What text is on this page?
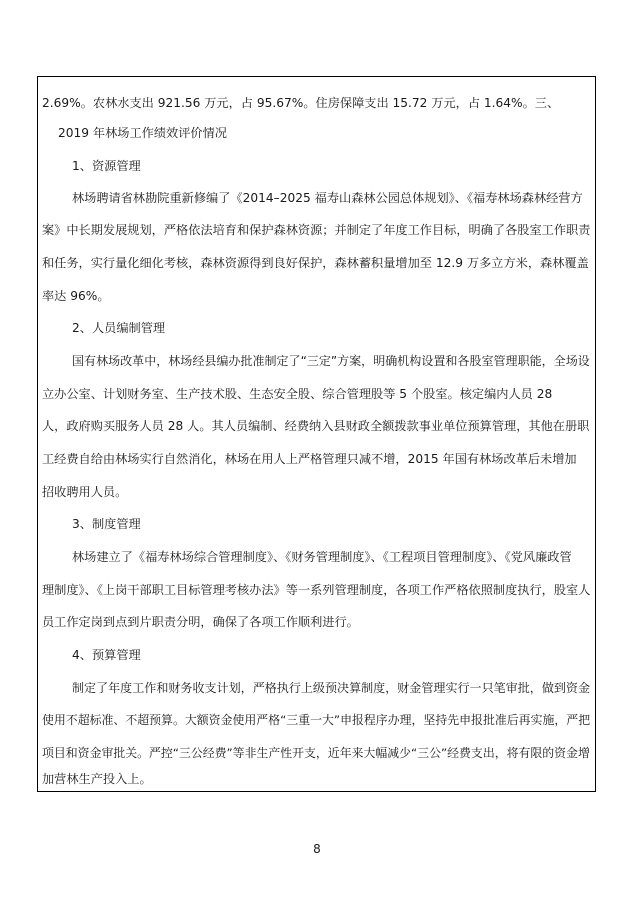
2.69%。农林水支出 921.56 万元，占 95.67%。住房保障支出 15.72 万元，占 1.64%。三、

2019 年林场工作绩效评价情况

1、资源管理

林场聘请省林勘院重新修编了《2014–2025 福寿山森林公园总体规划》、《福寿林场森林经营方

案》中长期发展规划，严格依法培育和保护森林资源；并制定了年度工作目标，明确了各股室工作职责

和任务，实行量化细化考核，森林资源得到良好保护，森林蓄积量增加至 12.9 万多立方米，森林覆盖

率达 96%。

2、人员编制管理

国有林场改革中，林场经县编办批准制定了“三定”方案，明确机构设置和各股室管理职能，全场设

立办公室、计划财务室、生产技术股、生态安全股、综合管理股等 5 个股室。核定编内人员 28

人，政府购买服务人员 28 人。其人员编制、经费纳入县财政全额拨款事业单位预算管理，其他在册职

工经费自给由林场实行自然消化，林场在用人上严格管理只减不增，2015 年国有林场改革后未增加

招收聘用人员。

3、制度管理

林场建立了《福寿林场综合管理制度》、《财务管理制度》、《工程项目管理制度》、《党风廉政管

理制度》、《上岗干部职工目标管理考核办法》等一系列管理制度，各项工作严格依照制度执行，股室人

员工作定岗到点到片职责分明，确保了各项工作顺利进行。

4、预算管理

制定了年度工作和财务收支计划，严格执行上级预决算制度，财金管理实行一只笔审批，做到资金

使用不超标准、不超预算。大额资金使用严格“三重一大”申报程序办理，坚持先申报批准后再实施，严把

项目和资金审批关。严控“三公经费”等非生产性开支，近年来大幅减少“三公”经费支出，将有限的资金增

加营林生产投入上。

8
